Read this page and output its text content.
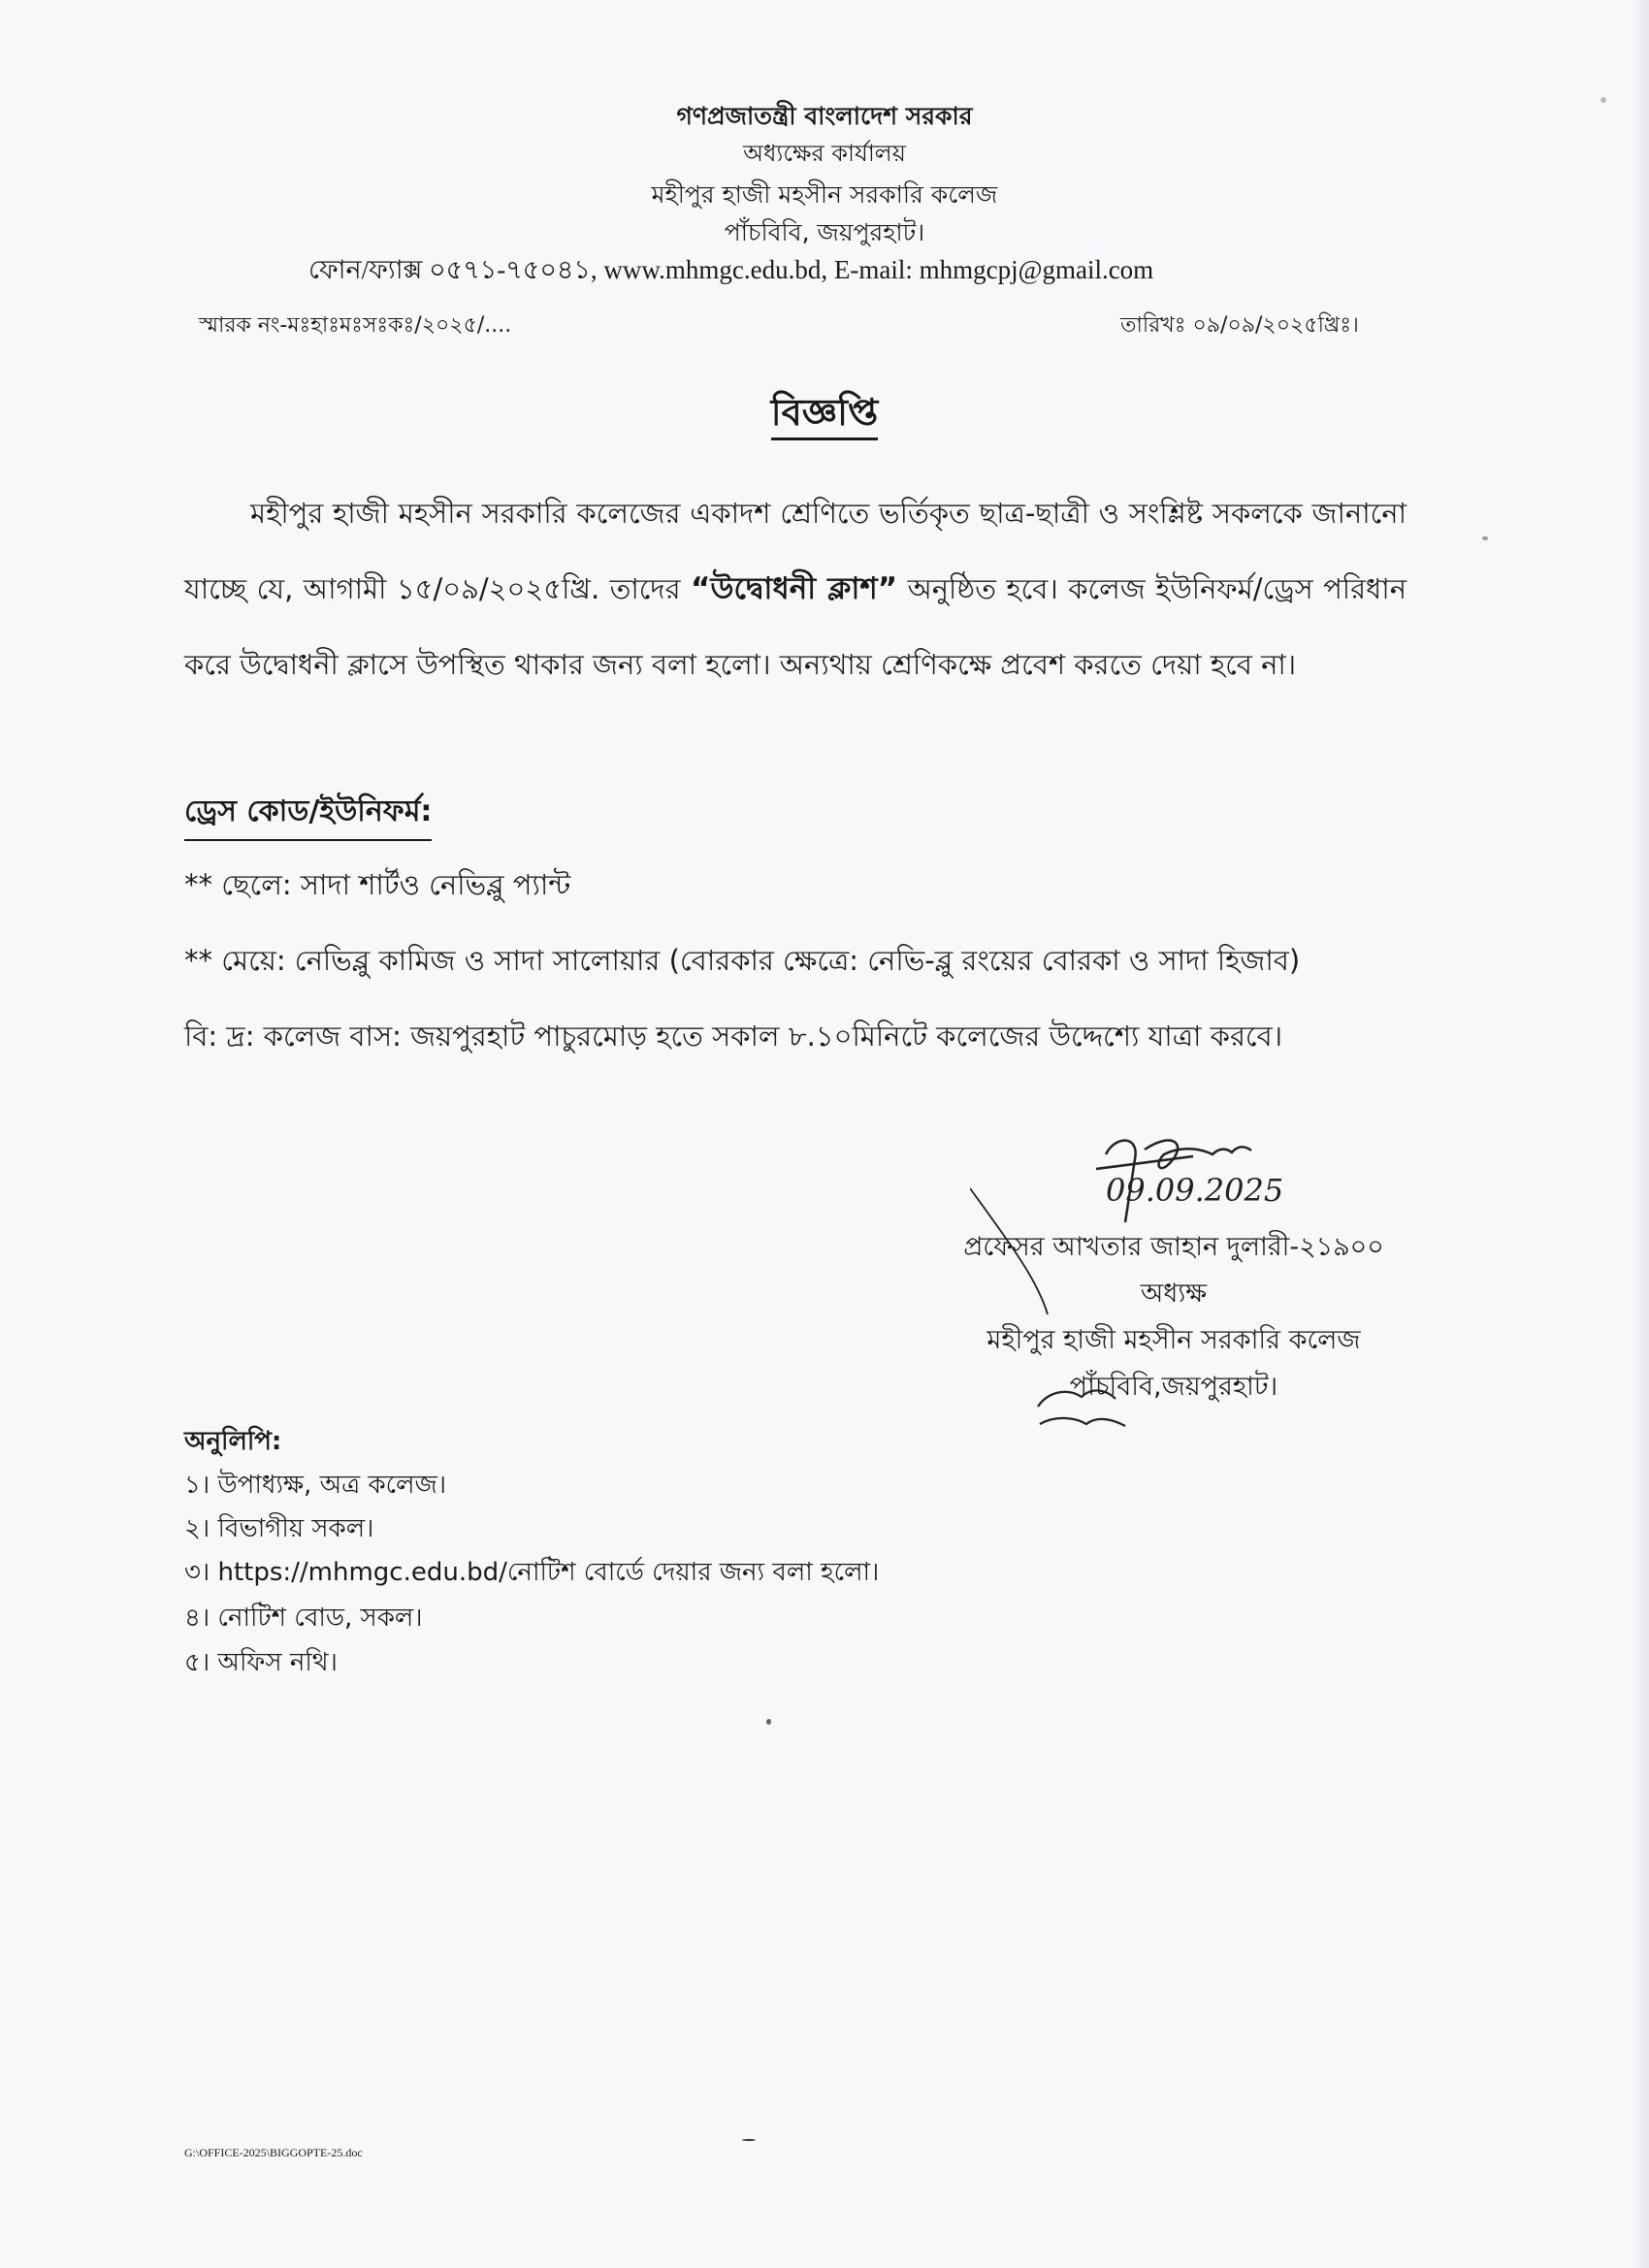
গণপ্রজাতন্ত্রী বাংলাদেশ সরকার
অধ্যক্ষের কার্যালয়
মহীপুর হাজী মহসীন সরকারি কলেজ
পাঁচবিবি, জয়পুরহাট।
ফোন/ফ্যাক্স ০৫৭১-৭৫০৪১, www.mhmgc.edu.bd, E-mail: mhmgcpj@gmail.com
স্মারক নং-মঃহাঃমঃসঃকঃ/২০২৫/....	তারিখঃ ০৯/০৯/২০২৫খ্রিঃ।
বিজ্ঞপ্তি
মহীপুর হাজী মহসীন সরকারি কলেজের একাদশ শ্রেণিতে ভর্তিকৃত ছাত্র-ছাত্রী ও সংশ্লিষ্ট সকলকে জানানো যাচ্ছে যে, আগামী ১৫/০৯/২০২৫খ্রি. তাদের “উদ্বোধনী ক্লাশ” অনুষ্ঠিত হবে। কলেজ ইউনিফর্ম/ড্রেস পরিধান করে উদ্বোধনী ক্লাসে উপস্থিত থাকার জন্য বলা হলো। অন্যথায় শ্রেণিকক্ষে প্রবেশ করতে দেয়া হবে না।
ড্রেস কোড/ইউনিফর্ম:
** ছেলে: সাদা শার্টও নেভিব্লু প্যান্ট
** মেয়ে: নেভিব্লু কামিজ ও সাদা সালোয়ার (বোরকার ক্ষেত্রে: নেভি-ব্লু রংয়ের বোরকা ও সাদা হিজাব)
বি: দ্র: কলেজ বাস: জয়পুরহাট পাচুরমোড় হতে সকাল ৮.১০মিনিটে কলেজের উদ্দেশ্যে যাত্রা করবে।
09.09.2025
প্রফেসর আখতার জাহান দুলারী-২১৯০০
অধ্যক্ষ
মহীপুর হাজী মহসীন সরকারি কলেজ
পাঁচবিবি,জয়পুরহাট।
অনুলিপি:
১। উপাধ্যক্ষ, অত্র কলেজ।
২। বিভাগীয় সকল।
৩। https://mhmgc.edu.bd/নোটিশ বোর্ডে দেয়ার জন্য বলা হলো।
৪। নোটিশ বোড, সকল।
৫। অফিস নথি।
G:\OFFICE-2025\BIGGOPTE-25.doc
